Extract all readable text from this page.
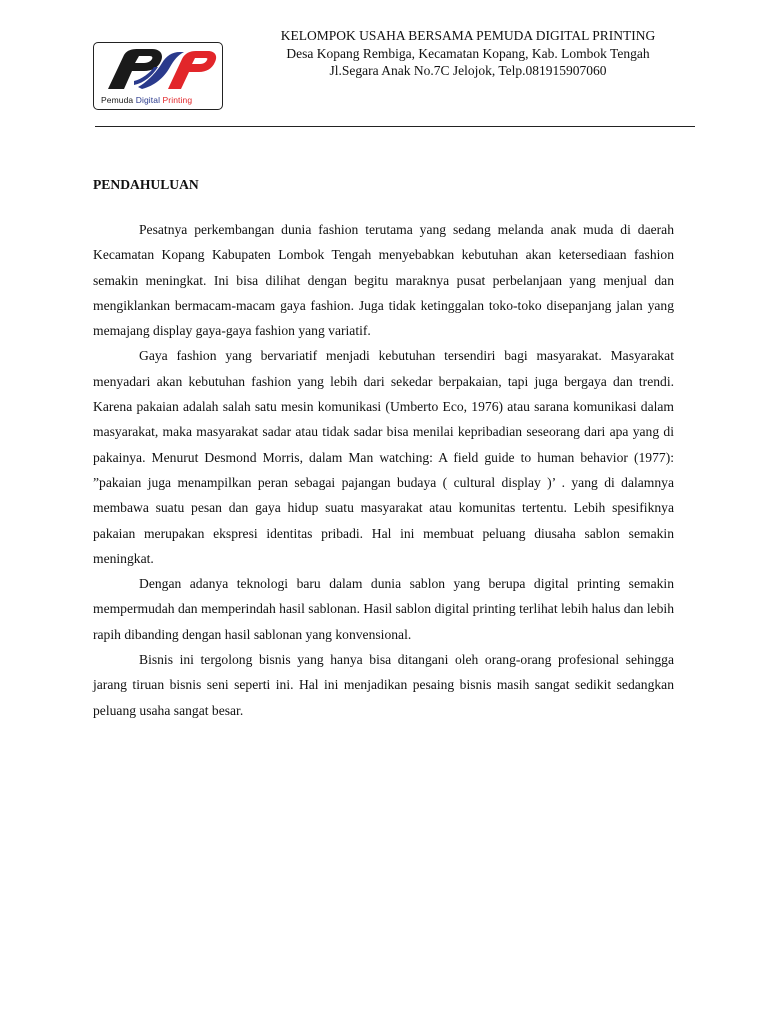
Pemuda Digital Printing
KELOMPOK USAHA BERSAMA PEMUDA DIGITAL PRINTING
Desa Kopang Rembiga, Kecamatan Kopang, Kab. Lombok Tengah
Jl.Segara Anak No.7C Jelojok, Telp.081915907060

PENDAHULUAN

Pesatnya perkembangan dunia fashion terutama yang sedang melanda anak muda di daerah Kecamatan Kopang Kabupaten Lombok Tengah menyebabkan kebutuhan akan ketersediaan fashion semakin meningkat. Ini bisa dilihat dengan begitu maraknya pusat perbelanjaan yang menjual dan mengiklankan bermacam-macam gaya fashion. Juga tidak ketinggalan toko-toko disepanjang jalan yang memajang display gaya-gaya fashion yang variatif.

Gaya fashion yang bervariatif menjadi kebutuhan tersendiri bagi masyarakat. Masyarakat menyadari akan kebutuhan fashion yang lebih dari sekedar berpakaian, tapi juga bergaya dan trendi. Karena pakaian adalah salah satu mesin komunikasi (Umberto Eco, 1976) atau sarana komunikasi dalam masyarakat, maka masyarakat sadar atau tidak sadar bisa menilai kepribadian seseorang dari apa yang di pakainya. Menurut Desmond Morris, dalam Man watching: A field guide to human behavior (1977): ”pakaian juga menampilkan peran sebagai pajangan budaya ( cultural display )’ . yang di dalamnya membawa suatu pesan dan gaya hidup suatu masyarakat atau komunitas tertentu. Lebih spesifiknya pakaian merupakan ekspresi identitas pribadi. Hal ini membuat peluang diusaha sablon semakin meningkat.

Dengan adanya teknologi baru dalam dunia sablon yang berupa digital printing semakin mempermudah dan memperindah hasil sablonan. Hasil sablon digital printing terlihat lebih halus dan lebih rapih dibanding dengan hasil sablonan yang konvensional.

Bisnis ini tergolong bisnis yang hanya bisa ditangani oleh orang-orang profesional sehingga jarang tiruan bisnis seni seperti ini. Hal ini menjadikan pesaing bisnis masih sangat sedikit sedangkan peluang usaha sangat besar.
